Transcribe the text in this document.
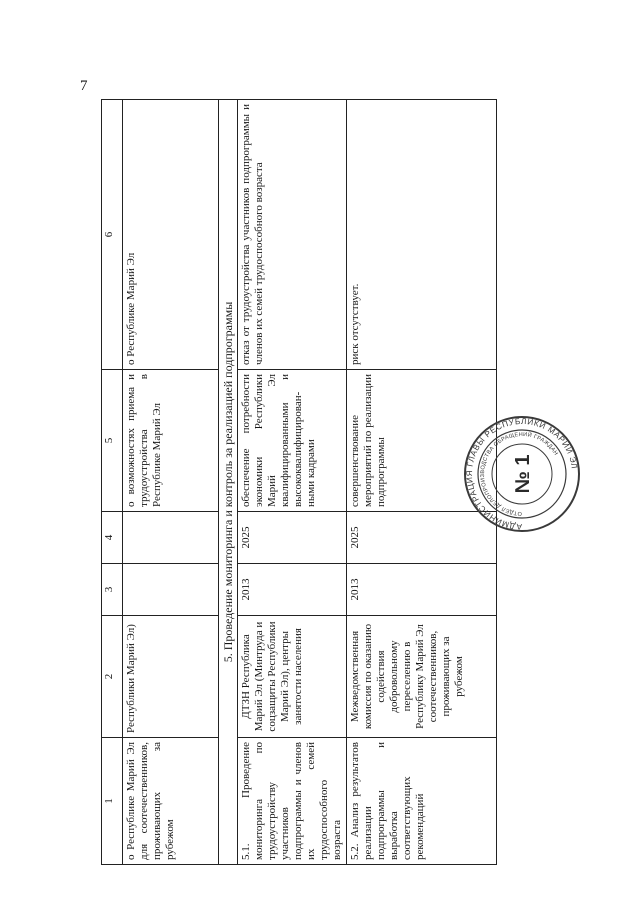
7
1	2	3	4	5	6
о Республике Марий Эл для соотечественников, проживающих за рубежом	Республики Марий Эл)			о возможностях приема и трудоустройства в Республике Марий Эл	о Республике Марий Эл
5. Проведение мониторинга и контроль за реализацией подпрограммы					
5.1. Проведение мониторинга по трудоустройству участников подпрограммы и членов их семей трудоспособного возраста	ДТЗН Республика Марий Эл (Минтруда и соцзащиты Республики Марий Эл), центры занятости населения	2013	2025	обеспечение потребности экономики Республики Марий Эл квалифицированными и высококвалифицирован-ными кадрами	отказ от трудоустройства участников подпрограммы и членов их семей трудоспособного возраста
5.2. Анализ результатов реализации подпрограммы и выработка соответствующих рекомендаций	Межведомственная комиссия по оказанию содействия добровольному переселению в Республику Марий Эл соотечественников, проживающих за рубежом	2013	2025	совершенствование мероприятий по реализации подпрограммы	риск отсутствует.
АДМИНИСТРАЦИЯ ГЛАВЫ РЕСПУБЛИКИ МАРИЙ ЭЛ
ОТДЕЛ ДЕЛОПРОИЗВОДСТВА ОБРАЩЕНИЙ ГРАЖДАН
№ 1
